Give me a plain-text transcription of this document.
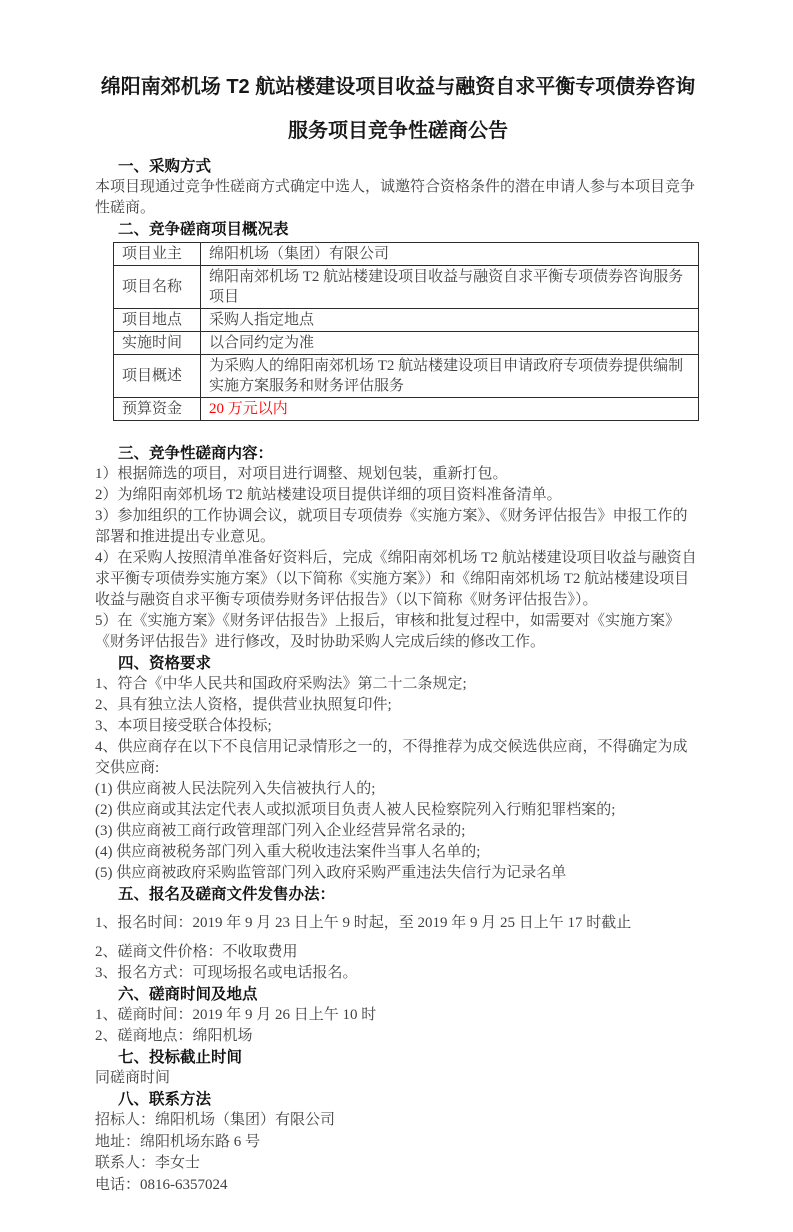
绵阳南郊机场 T2 航站楼建设项目收益与融资自求平衡专项债券咨询
服务项目竞争性磋商公告
一、采购方式
本项目现通过竞争性磋商方式确定中选人，诚邀符合资格条件的潜在申请人参与本项目竞争性磋商。
二、竞争磋商项目概况表
项目业主	绵阳机场（集团）有限公司
项目名称	绵阳南郊机场 T2 航站楼建设项目收益与融资自求平衡专项债券咨询服务项目
项目地点	采购人指定地点
实施时间	以合同约定为准
项目概述	为采购人的绵阳南郊机场 T2 航站楼建设项目申请政府专项债券提供编制实施方案服务和财务评估服务
预算资金	20 万元以内
三、竞争性磋商内容：
1）根据筛选的项目，对项目进行调整、规划包装，重新打包。
2）为绵阳南郊机场 T2 航站楼建设项目提供详细的项目资料准备清单。
3）参加组织的工作协调会议，就项目专项债券《实施方案》、《财务评估报告》申报工作的部署和推进提出专业意见。
4）在采购人按照清单准备好资料后，完成《绵阳南郊机场 T2 航站楼建设项目收益与融资自求平衡专项债券实施方案》（以下简称《实施方案》）和《绵阳南郊机场 T2 航站楼建设项目收益与融资自求平衡专项债券财务评估报告》（以下简称《财务评估报告》）。
5）在《实施方案》《财务评估报告》上报后，审核和批复过程中，如需要对《实施方案》《财务评估报告》进行修改，及时协助采购人完成后续的修改工作。
四、资格要求
1、符合《中华人民共和国政府采购法》第二十二条规定;
2、具有独立法人资格，提供营业执照复印件;
3、本项目接受联合体投标;
4、供应商存在以下不良信用记录情形之一的，不得推荐为成交候选供应商，不得确定为成交供应商:
(1) 供应商被人民法院列入失信被执行人的;
(2) 供应商或其法定代表人或拟派项目负责人被人民检察院列入行贿犯罪档案的;
(3) 供应商被工商行政管理部门列入企业经营异常名录的;
(4) 供应商被税务部门列入重大税收违法案件当事人名单的;
(5) 供应商被政府采购监管部门列入政府采购严重违法失信行为记录名单
五、报名及磋商文件发售办法：
1、报名时间：2019 年 9 月 23 日上午 9 时起，至 2019 年 9 月 25 日上午 17 时截止
2、磋商文件价格：不收取费用
3、报名方式：可现场报名或电话报名。
六、磋商时间及地点
1、磋商时间：2019 年 9 月 26 日上午 10 时
2、磋商地点：绵阳机场
七、投标截止时间
同磋商时间
八、联系方法
招标人：绵阳机场（集团）有限公司
地址：绵阳机场东路 6 号
联系人：李女士
电话：0816-6357024
